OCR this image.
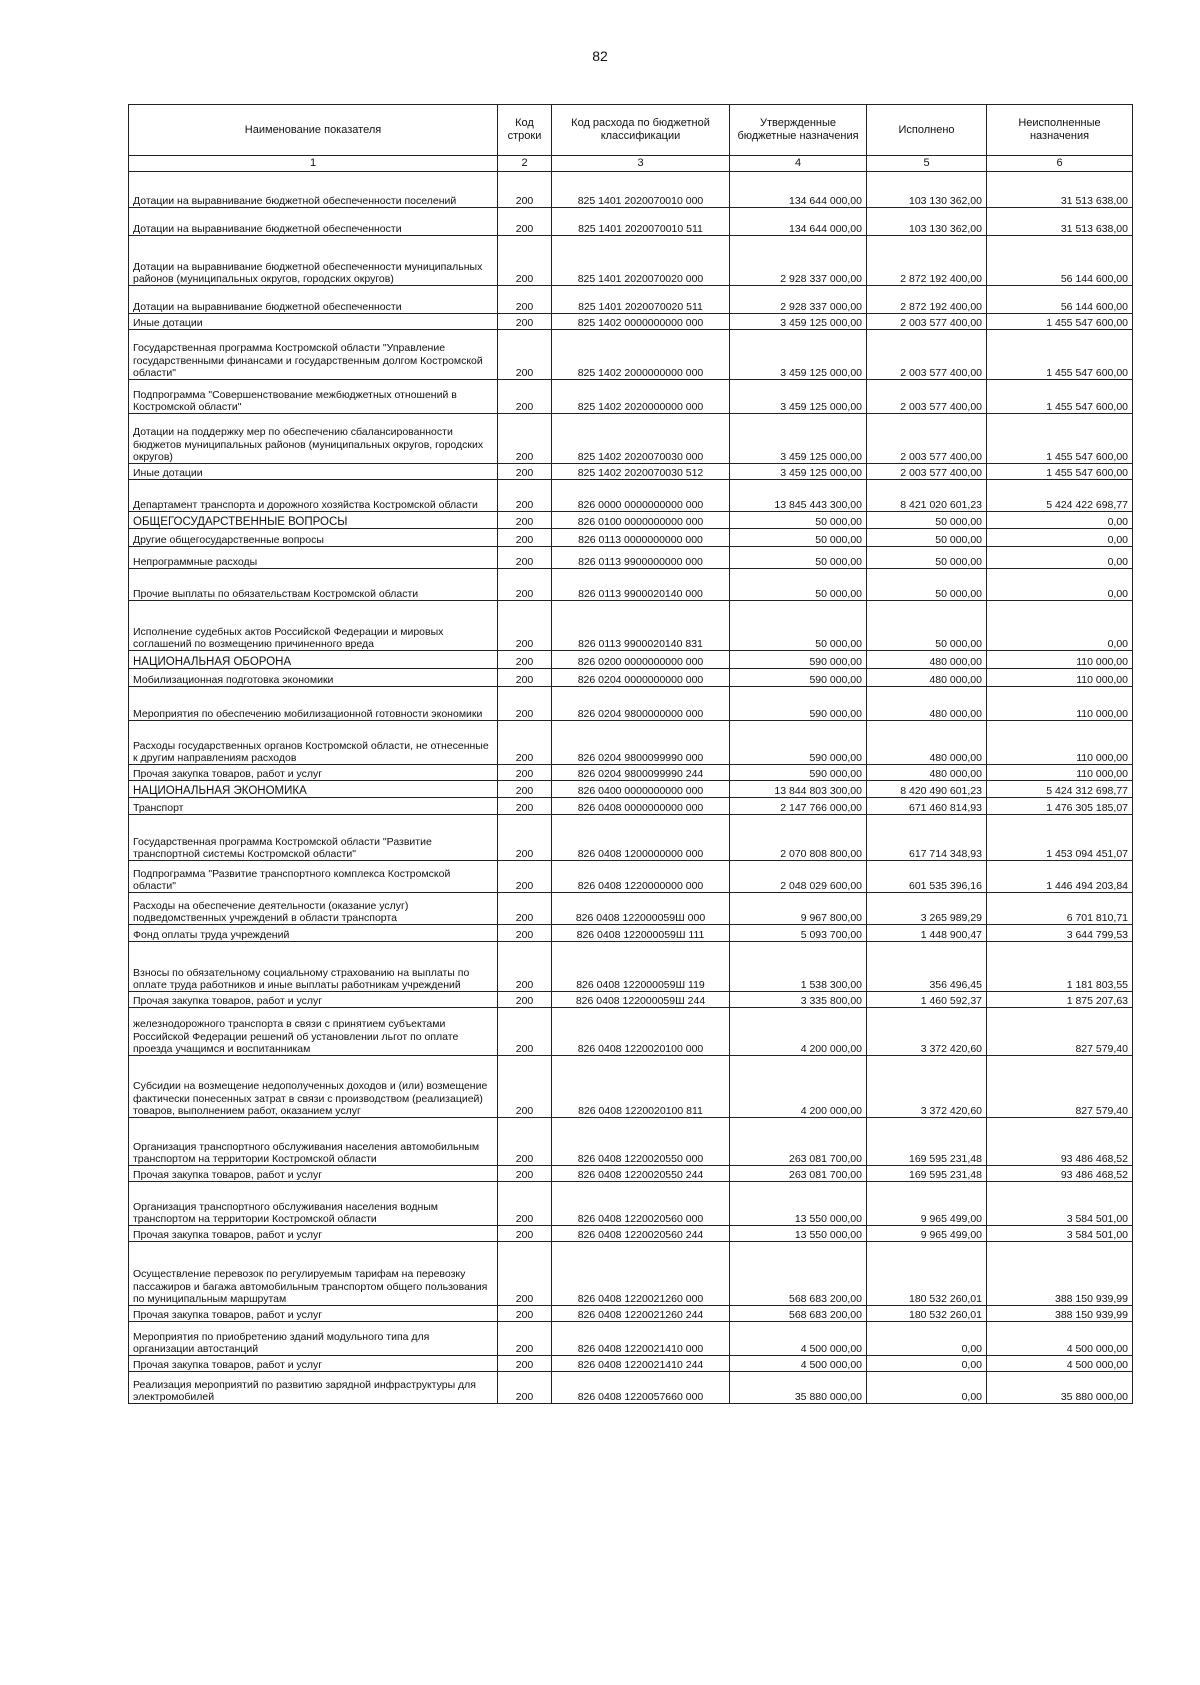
82
Наименование показателя	Код строки	Код расхода по бюджетной классификации	Утвержденные бюджетные назначения	Исполнено	Неисполненные назначения
1	2	3	4	5	6
Дотации на выравнивание бюджетной обеспеченности поселений	200	825 1401 2020070010 000	134 644 000,00	103 130 362,00	31 513 638,00
Дотации на выравнивание бюджетной обеспеченности	200	825 1401 2020070010 511	134 644 000,00	103 130 362,00	31 513 638,00
Дотации на выравнивание бюджетной обеспеченности муниципальных районов (муниципальных округов, городских округов)	200	825 1401 2020070020 000	2 928 337 000,00	2 872 192 400,00	56 144 600,00
Дотации на выравнивание бюджетной обеспеченности	200	825 1401 2020070020 511	2 928 337 000,00	2 872 192 400,00	56 144 600,00
Иные дотации	200	825 1402 0000000000 000	3 459 125 000,00	2 003 577 400,00	1 455 547 600,00
Государственная программа Костромской области "Управление государственными финансами и государственным долгом Костромской области"	200	825 1402 2000000000 000	3 459 125 000,00	2 003 577 400,00	1 455 547 600,00
Подпрограмма "Совершенствование межбюджетных отношений в Костромской области"	200	825 1402 2020000000 000	3 459 125 000,00	2 003 577 400,00	1 455 547 600,00
Дотации на поддержку мер по обеспечению сбалансированности бюджетов муниципальных районов (муниципальных округов, городских округов)	200	825 1402 2020070030 000	3 459 125 000,00	2 003 577 400,00	1 455 547 600,00
Иные дотации	200	825 1402 2020070030 512	3 459 125 000,00	2 003 577 400,00	1 455 547 600,00
Департамент транспорта и дорожного хозяйства Костромской области	200	826 0000 0000000000 000	13 845 443 300,00	8 421 020 601,23	5 424 422 698,77
ОБЩЕГОСУДАРСТВЕННЫЕ ВОПРОСЫ	200	826 0100 0000000000 000	50 000,00	50 000,00	0,00
Другие общегосударственные вопросы	200	826 0113 0000000000 000	50 000,00	50 000,00	0,00
Непрограммные расходы	200	826 0113 9900000000 000	50 000,00	50 000,00	0,00
Прочие выплаты по обязательствам Костромской области	200	826 0113 9900020140 000	50 000,00	50 000,00	0,00
Исполнение судебных актов Российской Федерации и мировых соглашений по возмещению причиненного вреда	200	826 0113 9900020140 831	50 000,00	50 000,00	0,00
НАЦИОНАЛЬНАЯ ОБОРОНА	200	826 0200 0000000000 000	590 000,00	480 000,00	110 000,00
Мобилизационная подготовка экономики	200	826 0204 0000000000 000	590 000,00	480 000,00	110 000,00
Мероприятия по обеспечению мобилизационной готовности экономики	200	826 0204 9800000000 000	590 000,00	480 000,00	110 000,00
Расходы государственных органов Костромской области, не отнесенные к другим направлениям расходов	200	826 0204 9800099990 000	590 000,00	480 000,00	110 000,00
Прочая закупка товаров, работ и услуг	200	826 0204 9800099990 244	590 000,00	480 000,00	110 000,00
НАЦИОНАЛЬНАЯ ЭКОНОМИКА	200	826 0400 0000000000 000	13 844 803 300,00	8 420 490 601,23	5 424 312 698,77
Транспорт	200	826 0408 0000000000 000	2 147 766 000,00	671 460 814,93	1 476 305 185,07
Государственная программа Костромской области "Развитие транспортной системы Костромской области"	200	826 0408 1200000000 000	2 070 808 800,00	617 714 348,93	1 453 094 451,07
Подпрограмма "Развитие транспортного комплекса Костромской области"	200	826 0408 1220000000 000	2 048 029 600,00	601 535 396,16	1 446 494 203,84
Расходы на обеспечение деятельности (оказание услуг) подведомственных учреждений в области транспорта	200	826 0408 122000059Ш 000	9 967 800,00	3 265 989,29	6 701 810,71
Фонд оплаты труда учреждений	200	826 0408 122000059Ш 111	5 093 700,00	1 448 900,47	3 644 799,53
Взносы по обязательному социальному страхованию на выплаты по оплате труда работников и иные выплаты работникам учреждений	200	826 0408 122000059Ш 119	1 538 300,00	356 496,45	1 181 803,55
Прочая закупка товаров, работ и услуг	200	826 0408 122000059Ш 244	3 335 800,00	1 460 592,37	1 875 207,63
железнодорожного транспорта в связи с принятием субъектами Российской Федерации решений об установлении льгот по оплате проезда учащимся и воспитанникам	200	826 0408 1220020100 000	4 200 000,00	3 372 420,60	827 579,40
Субсидии на возмещение недополученных доходов и (или) возмещение фактически понесенных затрат в связи с производством (реализацией) товаров, выполнением работ, оказанием услуг	200	826 0408 1220020100 811	4 200 000,00	3 372 420,60	827 579,40
Организация транспортного обслуживания населения автомобильным транспортом на территории Костромской области	200	826 0408 1220020550 000	263 081 700,00	169 595 231,48	93 486 468,52
Прочая закупка товаров, работ и услуг	200	826 0408 1220020550 244	263 081 700,00	169 595 231,48	93 486 468,52
Организация транспортного обслуживания населения водным транспортом на территории Костромской области	200	826 0408 1220020560 000	13 550 000,00	9 965 499,00	3 584 501,00
Прочая закупка товаров, работ и услуг	200	826 0408 1220020560 244	13 550 000,00	9 965 499,00	3 584 501,00
Осуществление перевозок по регулируемым тарифам на перевозку пассажиров и багажа автомобильным транспортом общего пользования по муниципальным маршрутам	200	826 0408 1220021260 000	568 683 200,00	180 532 260,01	388 150 939,99
Прочая закупка товаров, работ и услуг	200	826 0408 1220021260 244	568 683 200,00	180 532 260,01	388 150 939,99
Мероприятия по приобретению зданий модульного типа для организации автостанций	200	826 0408 1220021410 000	4 500 000,00	0,00	4 500 000,00
Прочая закупка товаров, работ и услуг	200	826 0408 1220021410 244	4 500 000,00	0,00	4 500 000,00
Реализация мероприятий по развитию зарядной инфраструктуры для электромобилей	200	826 0408 1220057660 000	35 880 000,00	0,00	35 880 000,00
